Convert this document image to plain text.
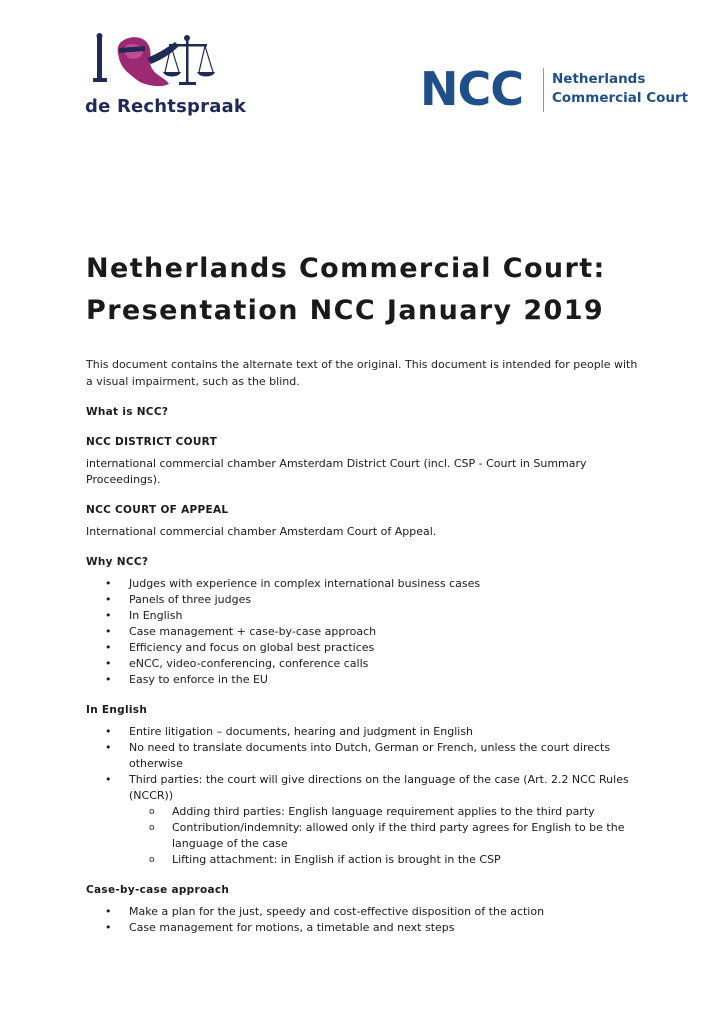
de Rechtspraak	NCC Netherlands
Commercial Court
Netherlands Commercial Court:
Presentation NCC January 2019

This document contains the alternate text of the original. This document is intended for people with a visual impairment, such as the blind.

What is NCC?

NCC DISTRICT COURT

international commercial chamber Amsterdam District Court (incl. CSP - Court in Summary Proceedings).

NCC COURT OF APPEAL

International commercial chamber Amsterdam Court of Appeal.

Why NCC?

• Judges with experience in complex international business cases
• Panels of three judges
• In English
• Case management + case-by-case approach
• Efficiency and focus on global best practices
• eNCC, video-conferencing, conference calls
• Easy to enforce in the EU

In English

• Entire litigation – documents, hearing and judgment in English
• No need to translate documents into Dutch, German or French, unless the court directs otherwise
• Third parties: the court will give directions on the language of the case (Art. 2.2 NCC Rules (NCCR))
o Adding third parties: English language requirement applies to the third party
o Contribution/indemnity: allowed only if the third party agrees for English to be the language of the case
o Lifting attachment: in English if action is brought in the CSP

Case-by-case approach

• Make a plan for the just, speedy and cost-effective disposition of the action
• Case management for motions, a timetable and next steps
